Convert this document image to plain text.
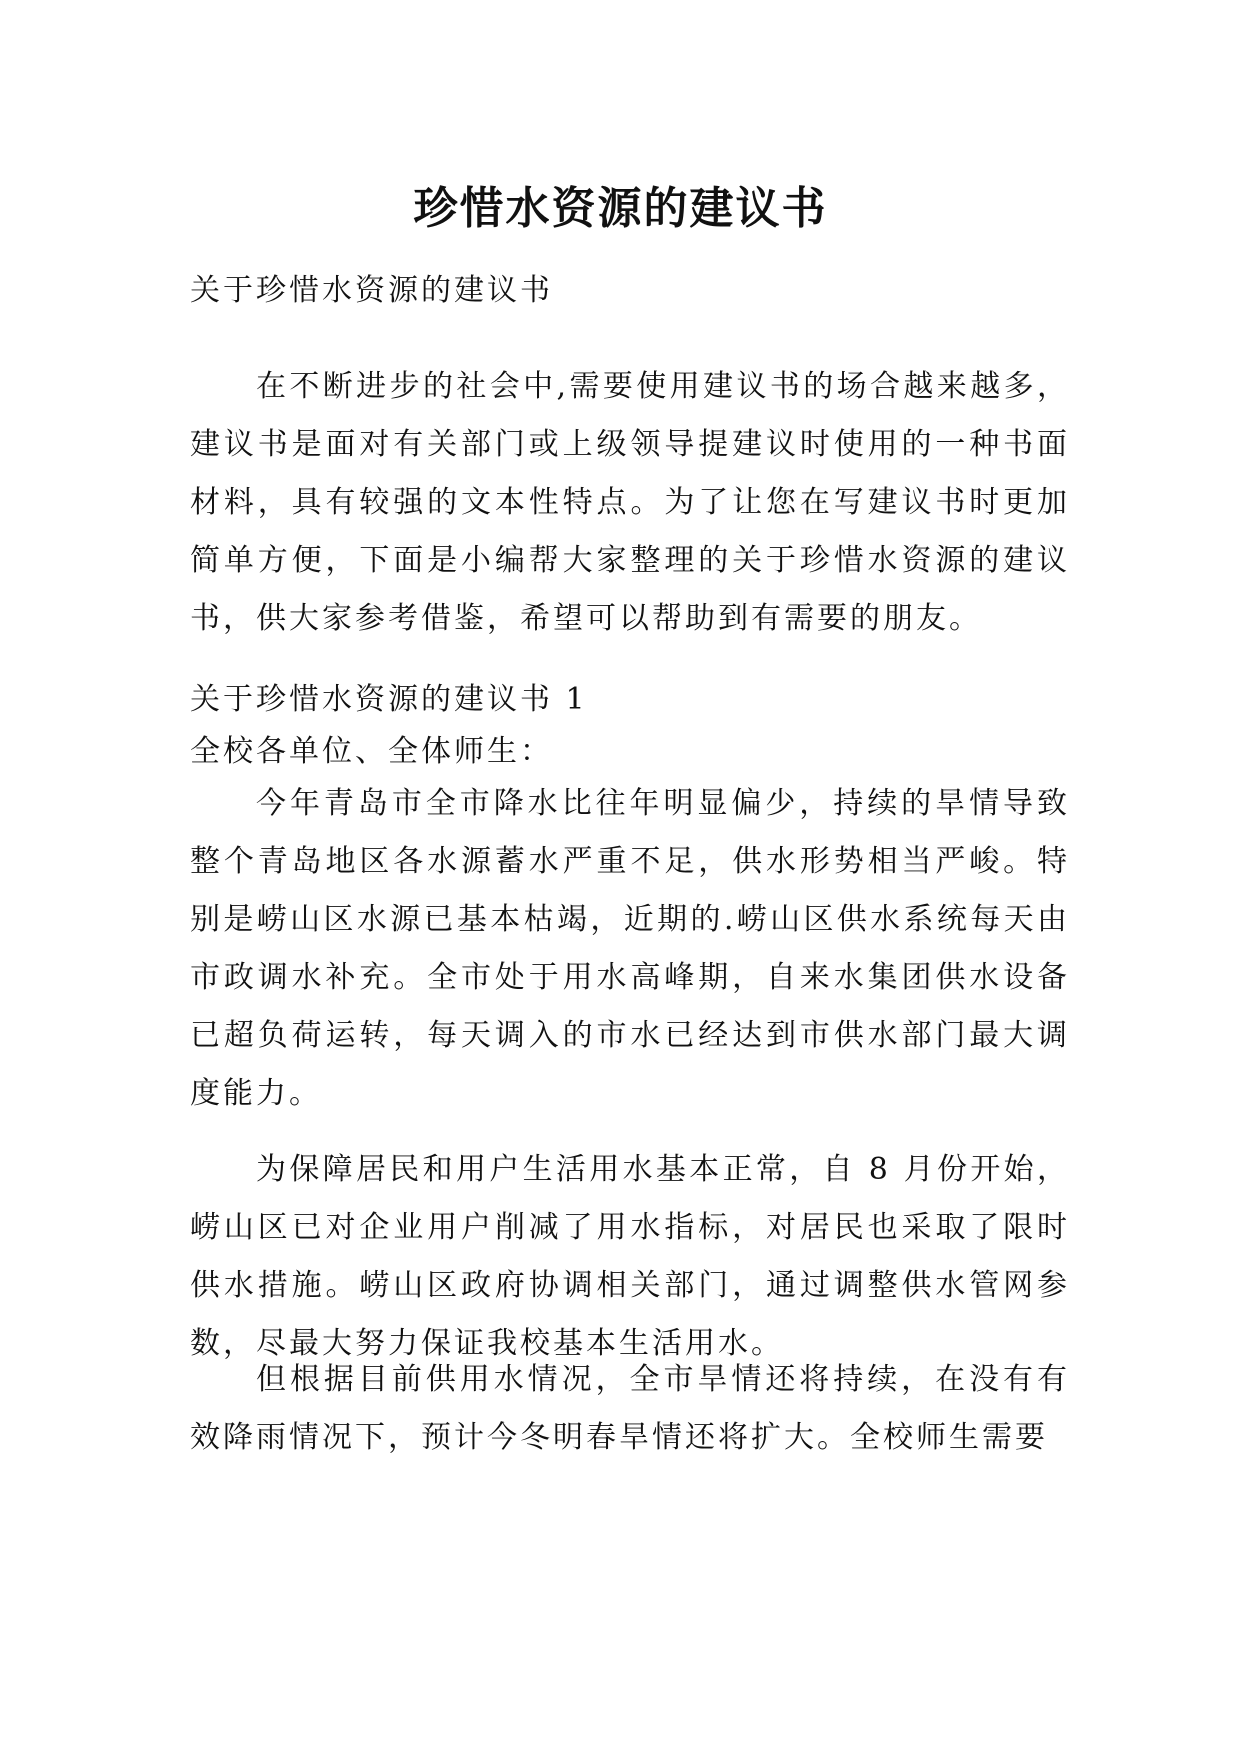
珍惜水资源的建议书

关于珍惜水资源的建议书

在不断进步的社会中,需要使用建议书的场合越来越多，建议书是面对有关部门或上级领导提建议时使用的一种书面材料，具有较强的文本性特点。为了让您在写建议书时更加简单方便，下面是小编帮大家整理的关于珍惜水资源的建议书，供大家参考借鉴，希望可以帮助到有需要的朋友。

关于珍惜水资源的建议书 1

全校各单位、全体师生：

今年青岛市全市降水比往年明显偏少，持续的旱情导致整个青岛地区各水源蓄水严重不足，供水形势相当严峻。特别是崂山区水源已基本枯竭，近期的.崂山区供水系统每天由市政调水补充。全市处于用水高峰期，自来水集团供水设备已超负荷运转，每天调入的市水已经达到市供水部门最大调度能力。

为保障居民和用户生活用水基本正常，自 8 月份开始，崂山区已对企业用户削减了用水指标，对居民也采取了限时供水措施。崂山区政府协调相关部门，通过调整供水管网参数，尽最大努力保证我校基本生活用水。

但根据目前供用水情况，全市旱情还将持续，在没有有效降雨情况下，预计今冬明春旱情还将扩大。全校师生需要
